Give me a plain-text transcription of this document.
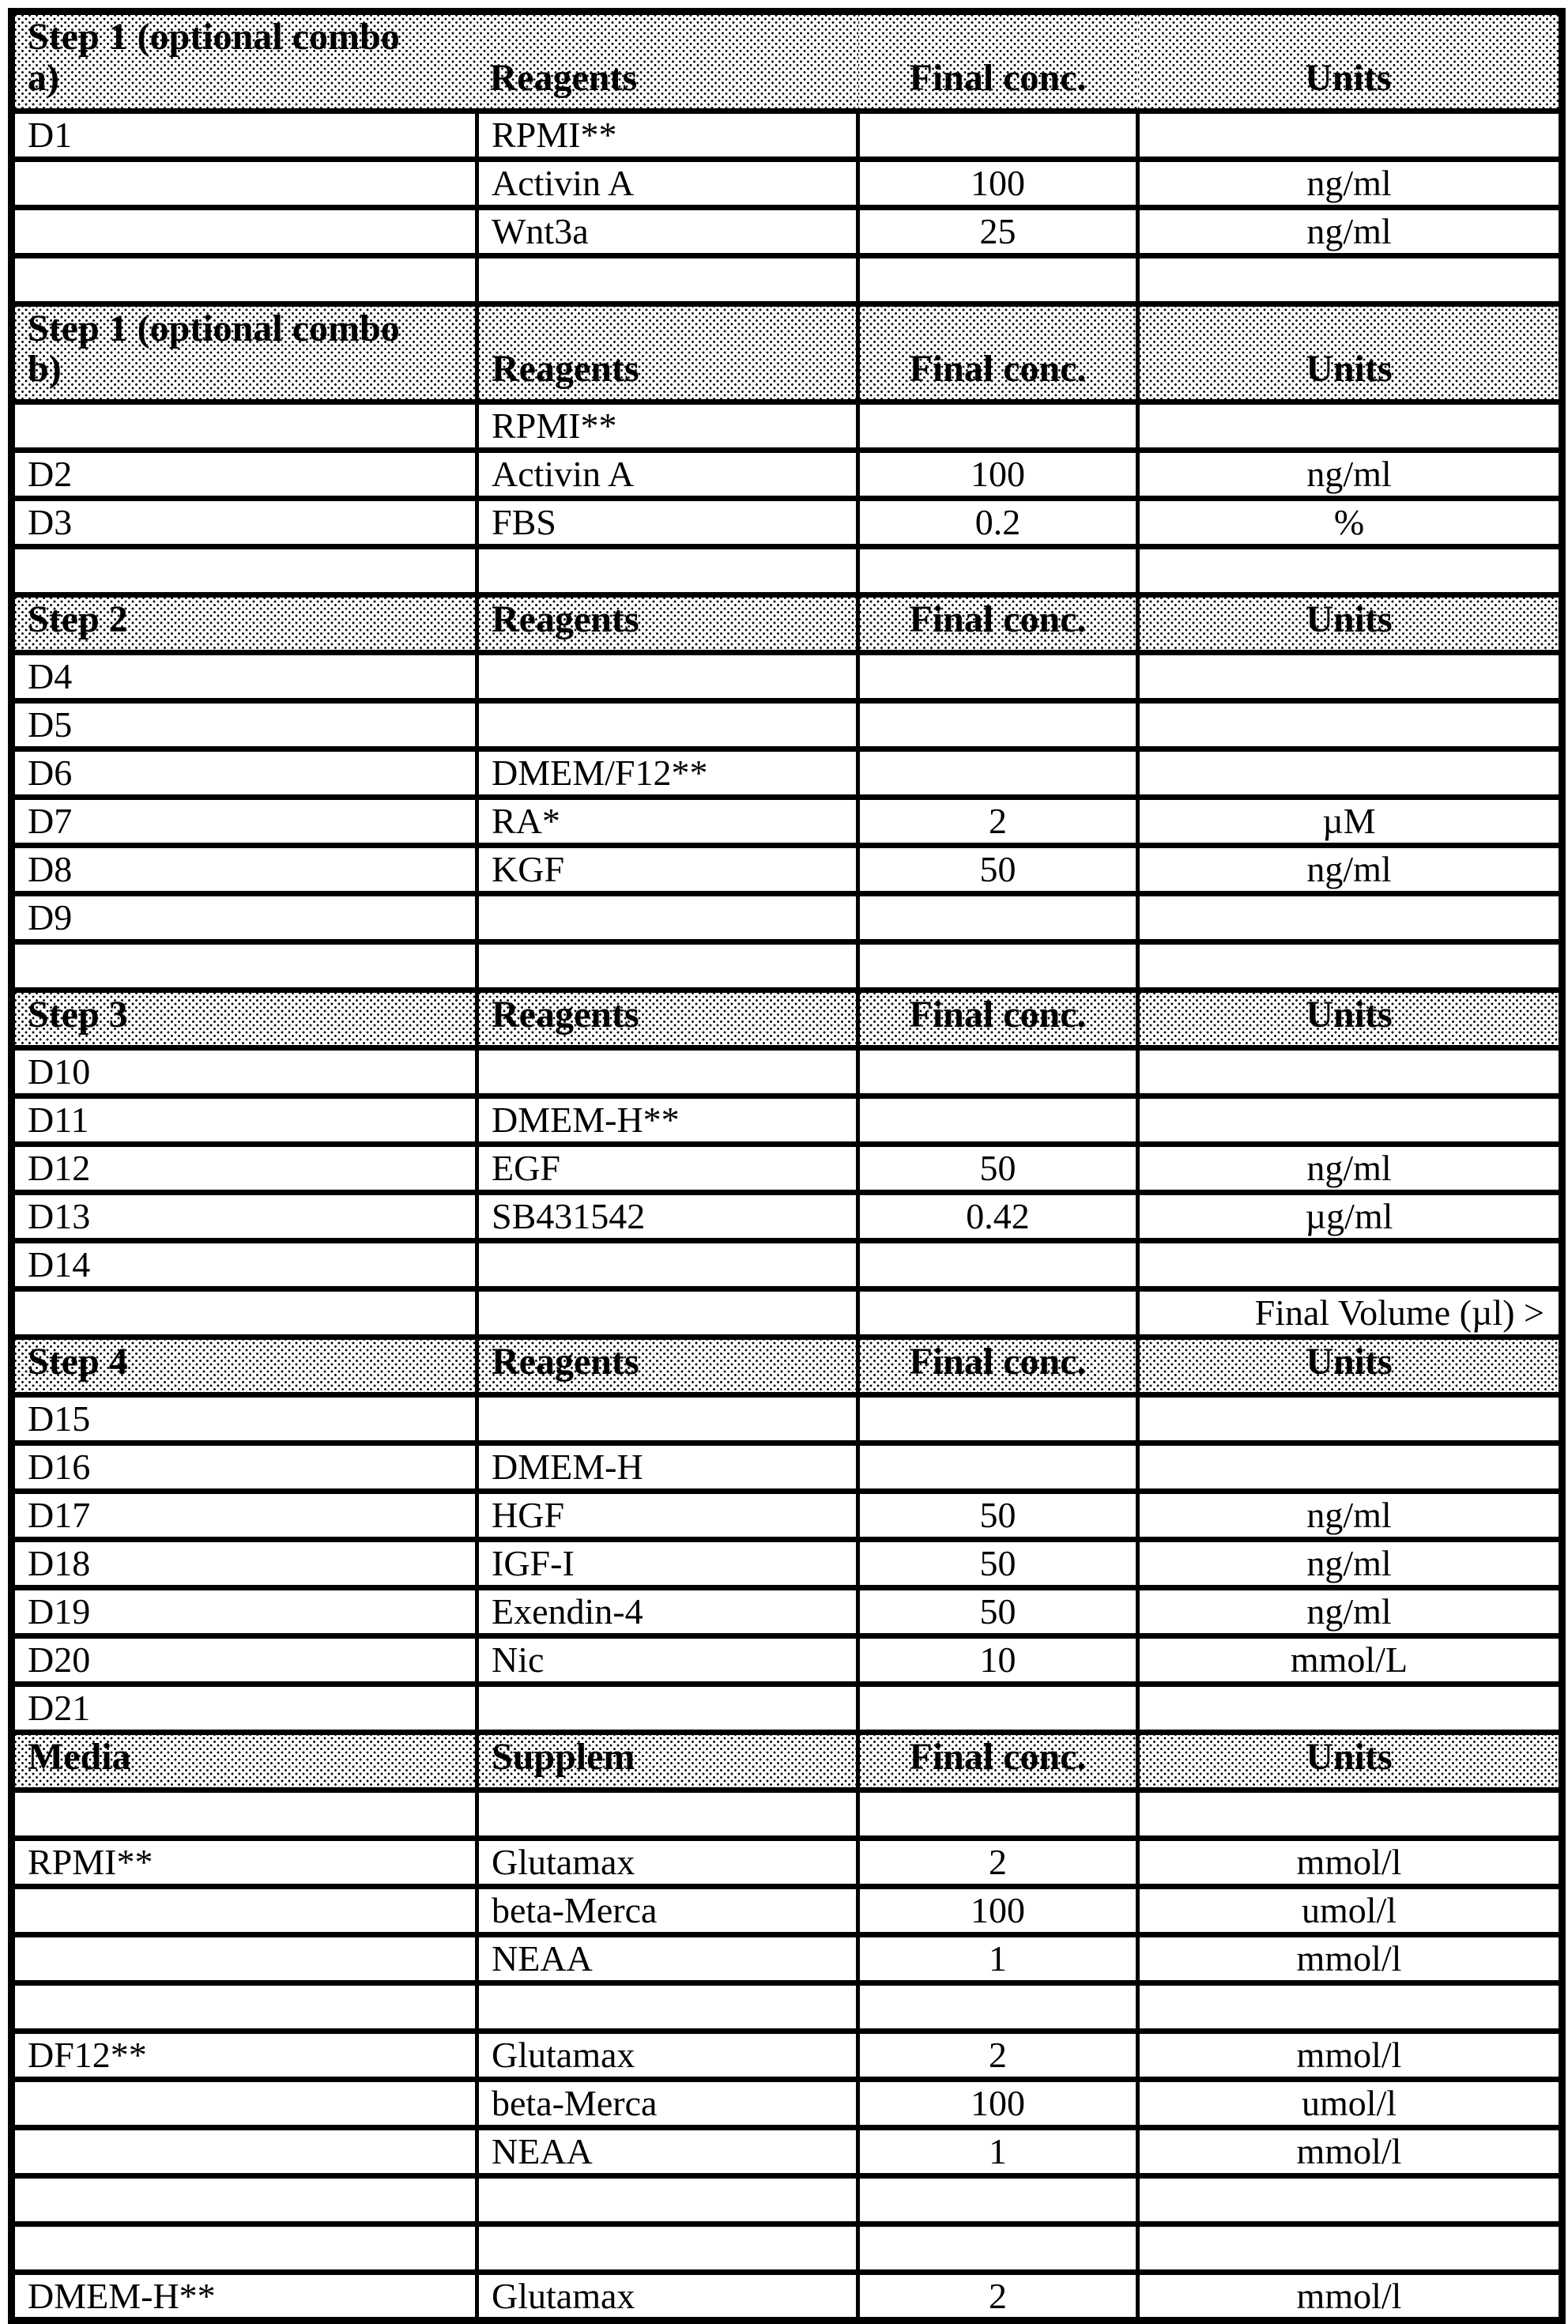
Step 1 (optional combo
a)	Reagents	Final conc.	Units
D1	RPMI**		
	Activin A	100	ng/ml
	Wnt3a	25	ng/ml

Step 1 (optional combo
b)	Reagents	Final conc.	Units
	RPMI**		
D2	Activin A	100	ng/ml
D3	FBS	0.2	%

Step 2	Reagents	Final conc.	Units
D4			
D5			
D6	DMEM/F12**		
D7	RA*	2	µM
D8	KGF	50	ng/ml
D9			

Step 3	Reagents	Final conc.	Units
D10			
D11	DMEM-H**		
D12	EGF	50	ng/ml
D13	SB431542	0.42	µg/ml
D14			
			Final Volume (µl) >
Step 4	Reagents	Final conc.	Units
D15			
D16	DMEM-H		
D17	HGF	50	ng/ml
D18	IGF-I	50	ng/ml
D19	Exendin-4	50	ng/ml
D20	Nic	10	mmol/L
D21			
Media	Supplem	Final conc.	Units

RPMI**	Glutamax	2	mmol/l
	beta-Merca	100	umol/l
	NEAA	1	mmol/l

DF12**	Glutamax	2	mmol/l
	beta-Merca	100	umol/l
	NEAA	1	mmol/l

DMEM-H**	Glutamax	2	mmol/l
